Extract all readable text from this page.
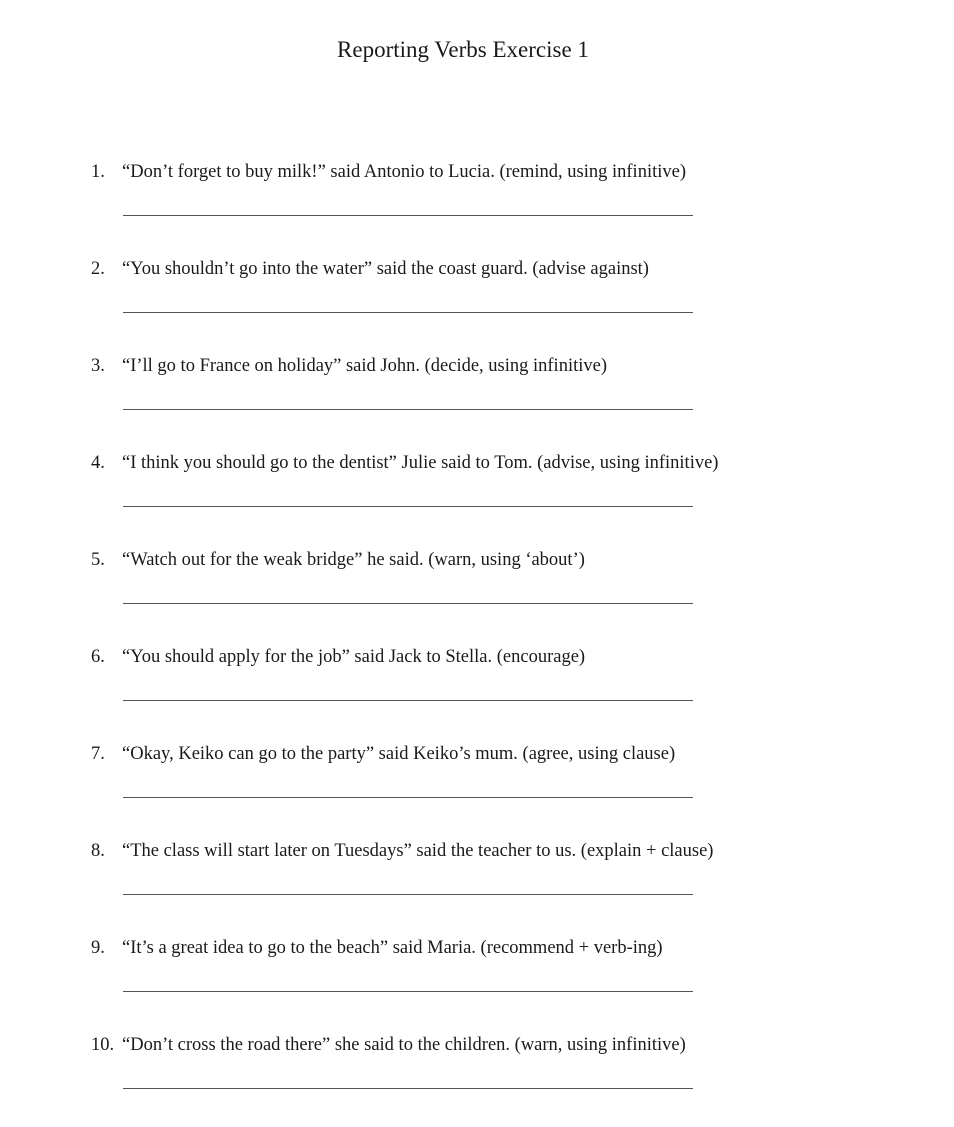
Reporting Verbs Exercise 1
1. “Don’t forget to buy milk!” said Antonio to Lucia. (remind, using infinitive)
2. “You shouldn’t go into the water” said the coast guard. (advise against)
3. “I’ll go to France on holiday” said John. (decide, using infinitive)
4. “I think you should go to the dentist” Julie said to Tom. (advise, using infinitive)
5. “Watch out for the weak bridge” he said. (warn, using ‘about’)
6. “You should apply for the job” said Jack to Stella. (encourage)
7. “Okay, Keiko can go to the party” said Keiko’s mum. (agree, using clause)
8. “The class will start later on Tuesdays” said the teacher to us. (explain + clause)
9. “It’s a great idea to go to the beach” said Maria. (recommend + verb-ing)
10. “Don’t cross the road there” she said to the children. (warn, using infinitive)
